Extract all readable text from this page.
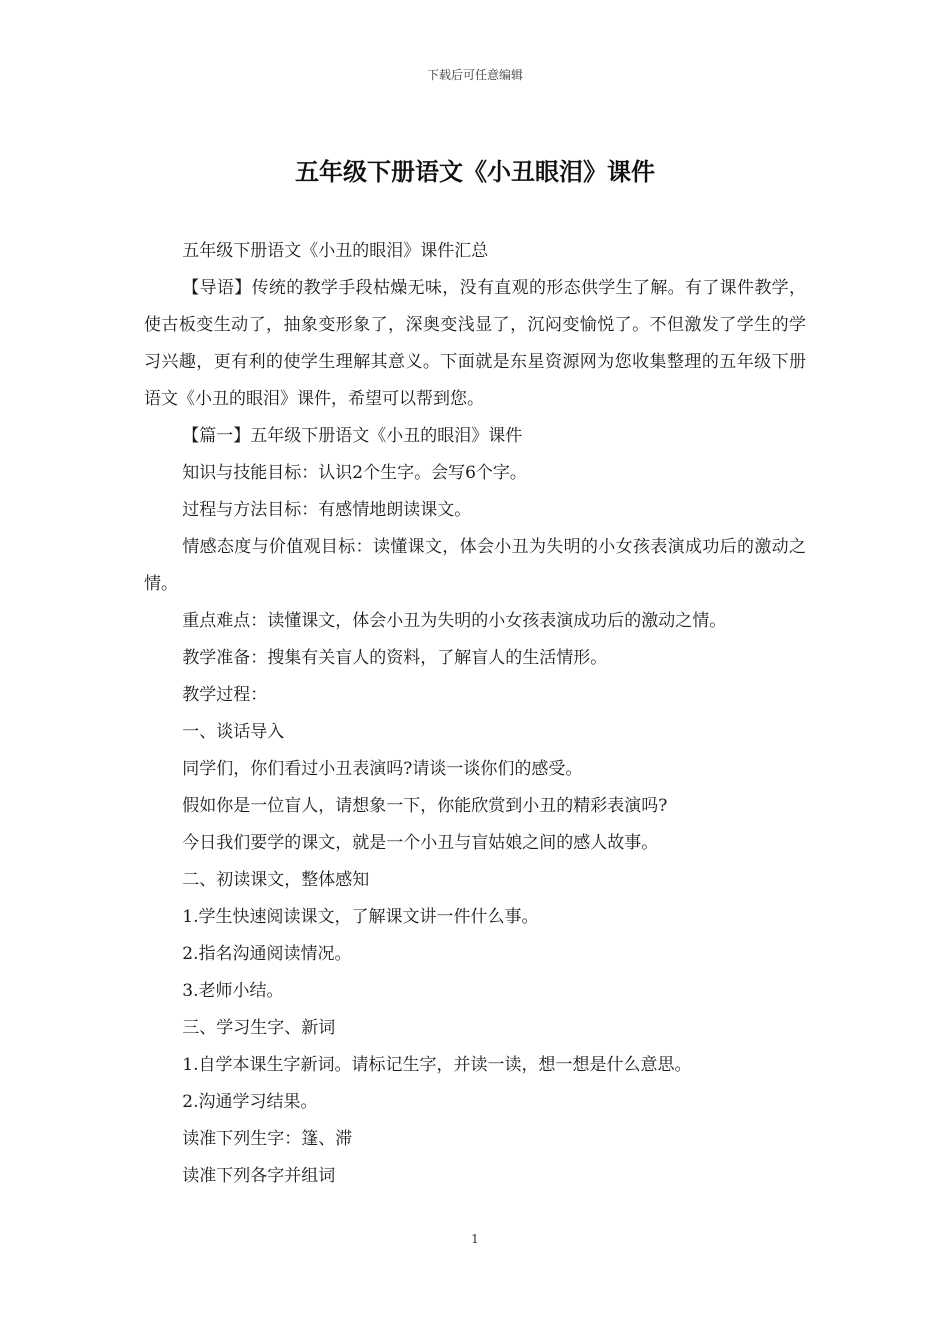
下载后可任意编辑
五年级下册语文《小丑眼泪》课件

五年级下册语文《小丑的眼泪》课件汇总

【导语】传统的教学手段枯燥无味，没有直观的形态供学生了解。有了课件教学，使古板变生动了，抽象变形象了，深奥变浅显了，沉闷变愉悦了。不但激发了学生的学习兴趣，更有利的使学生理解其意义。下面就是东星资源网为您收集整理的五年级下册语文《小丑的眼泪》课件，希望可以帮到您。

【篇一】五年级下册语文《小丑的眼泪》课件

知识与技能目标：认识2个生字。会写6个字。

过程与方法目标：有感情地朗读课文。

情感态度与价值观目标：读懂课文，体会小丑为失明的小女孩表演成功后的激动之情。

重点难点：读懂课文，体会小丑为失明的小女孩表演成功后的激动之情。

教学准备：搜集有关盲人的资料，了解盲人的生活情形。

教学过程：

一、谈话导入

同学们，你们看过小丑表演吗?请谈一谈你们的感受。

假如你是一位盲人，请想象一下，你能欣赏到小丑的精彩表演吗?

今日我们要学的课文，就是一个小丑与盲姑娘之间的感人故事。

二、初读课文，整体感知

1.学生快速阅读课文，了解课文讲一件什么事。

2.指名沟通阅读情况。

3.老师小结。

三、学习生字、新词

1.自学本课生字新词。请标记生字，并读一读，想一想是什么意思。

2.沟通学习结果。

读准下列生字：篷、滞

读准下列各字并组词

1
